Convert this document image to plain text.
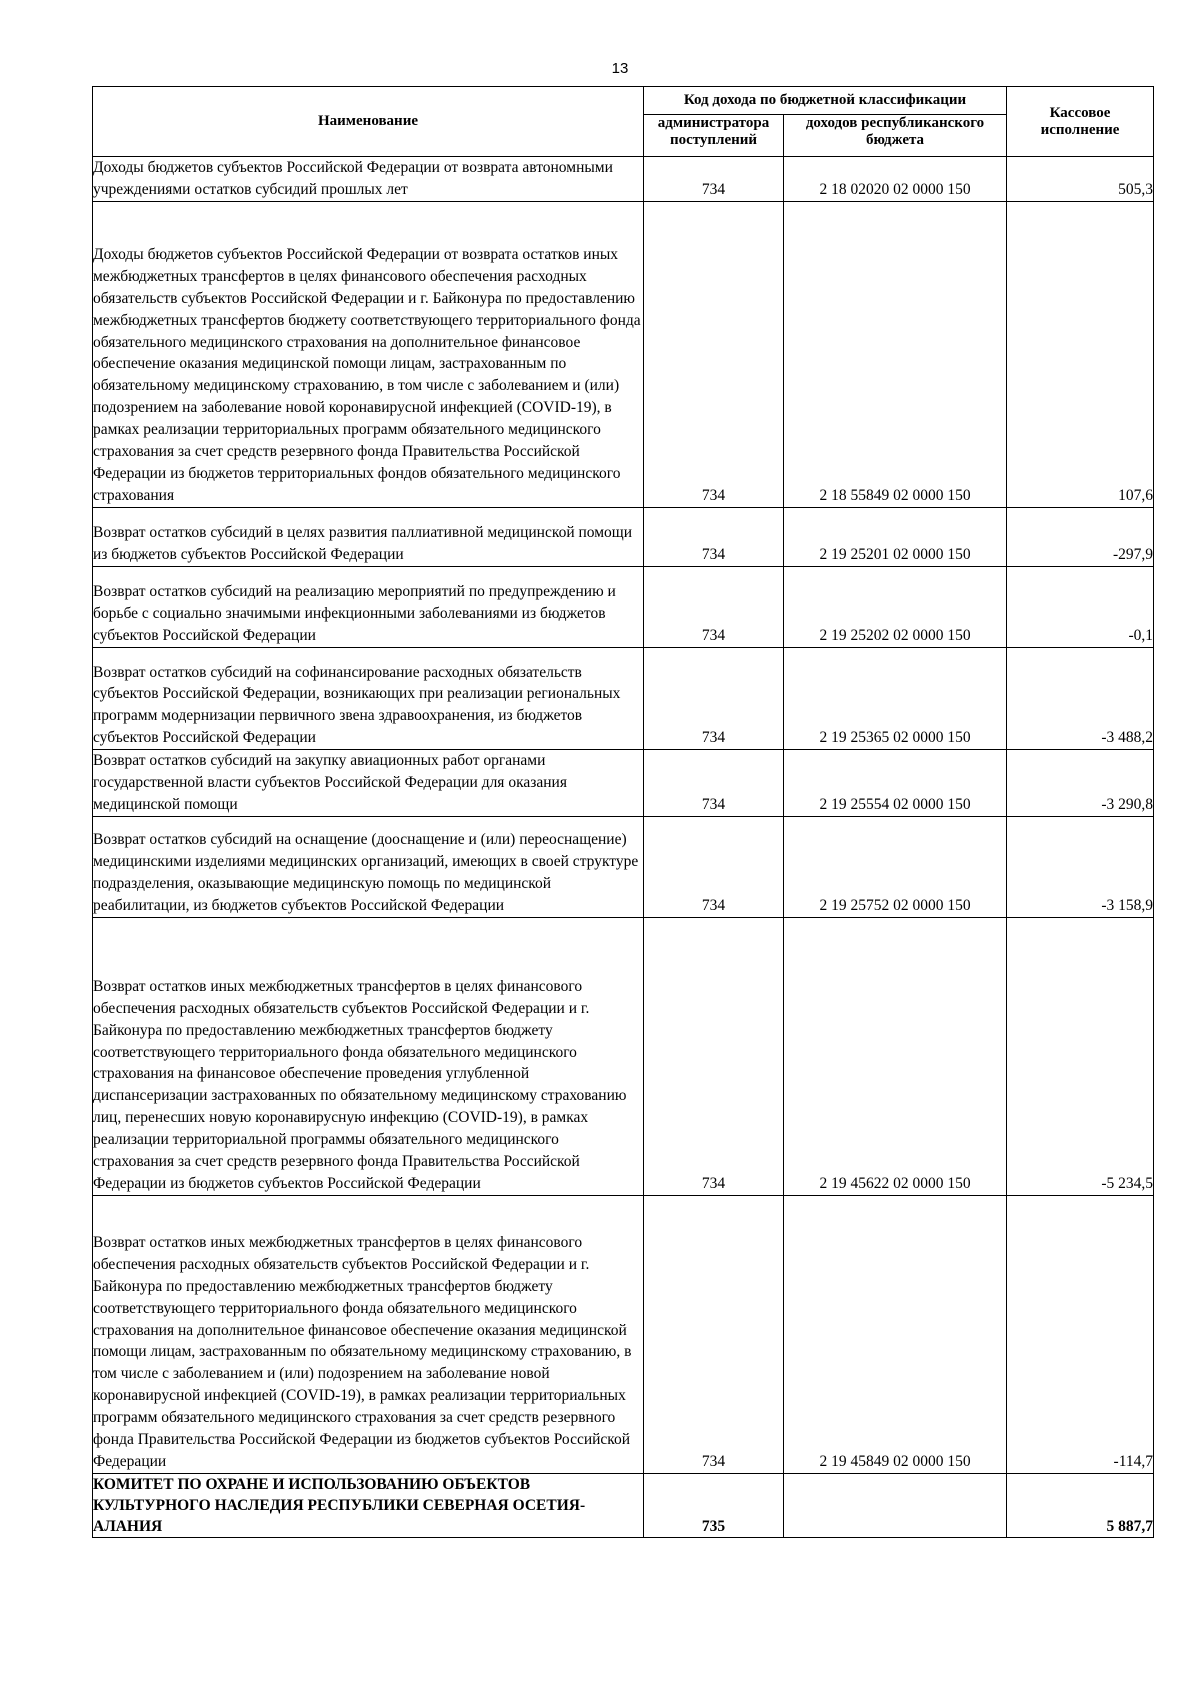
13
Наименование	Код дохода по бюджетной классификации		Кассовое исполнение
	администратора поступлений	доходов республиканского бюджета	

Доходы бюджетов субъектов Российской Федерации от возврата автономными учреждениями остатков субсидий прошлых лет	734	2 18 02020 02 0000 150	505,3

Доходы бюджетов субъектов Российской Федерации от возврата остатков иных межбюджетных трансфертов в целях финансового обеспечения расходных обязательств субъектов Российской Федерации и г. Байконура по предоставлению межбюджетных трансфертов бюджету соответствующего территориального фонда обязательного медицинского страхования на дополнительное финансовое обеспечение оказания медицинской помощи лицам, застрахованным по обязательному медицинскому страхованию, в том числе с заболеванием и (или) подозрением на заболевание новой коронавирусной инфекцией (COVID-19), в рамках реализации территориальных программ обязательного медицинского страхования за счет средств резервного фонда Правительства Российской Федерации из бюджетов территориальных фондов обязательного медицинского страхования	734	2 18 55849 02 0000 150	107,6

Возврат остатков субсидий в целях развития паллиативной медицинской помощи из бюджетов субъектов Российской Федерации	734	2 19 25201 02 0000 150	-297,9

Возврат остатков субсидий на реализацию мероприятий по предупреждению и борьбе с социально значимыми инфекционными заболеваниями из бюджетов субъектов Российской Федерации	734	2 19 25202 02 0000 150	-0,1

Возврат остатков субсидий на софинансирование расходных обязательств субъектов Российской Федерации, возникающих при реализации региональных программ модернизации первичного звена здравоохранения, из бюджетов субъектов Российской Федерации	734	2 19 25365 02 0000 150	-3 488,2

Возврат остатков субсидий на закупку авиационных работ органами государственной власти субъектов Российской Федерации для оказания медицинской помощи	734	2 19 25554 02 0000 150	-3 290,8

Возврат остатков субсидий на оснащение (дооснащение и (или) переоснащение) медицинскими изделиями медицинских организаций, имеющих в своей структуре подразделения, оказывающие медицинскую помощь по медицинской реабилитации, из бюджетов субъектов Российской Федерации	734	2 19 25752 02 0000 150	-3 158,9

Возврат остатков иных межбюджетных трансфертов в целях финансового обеспечения расходных обязательств субъектов Российской Федерации и г. Байконура по предоставлению межбюджетных трансфертов бюджету соответствующего территориального фонда обязательного медицинского страхования на финансовое обеспечение проведения углубленной диспансеризации застрахованных по обязательному медицинскому страхованию лиц, перенесших новую коронавирусную инфекцию (COVID-19), в рамках реализации территориальной программы обязательного медицинского страхования за счет средств резервного фонда Правительства Российской Федерации из бюджетов субъектов Российской Федерации	734	2 19 45622 02 0000 150	-5 234,5

Возврат остатков иных межбюджетных трансфертов в целях финансового обеспечения расходных обязательств субъектов Российской Федерации и г. Байконура по предоставлению межбюджетных трансфертов бюджету соответствующего территориального фонда обязательного медицинского страхования на дополнительное финансовое обеспечение оказания медицинской помощи лицам, застрахованным по обязательному медицинскому страхованию, в том числе с заболеванием и (или) подозрением на заболевание новой коронавирусной инфекцией (COVID-19), в рамках реализации территориальных программ обязательного медицинского страхования за счет средств резервного фонда Правительства Российской Федерации из бюджетов субъектов Российской Федерации	734	2 19 45849 02 0000 150	-114,7

КОМИТЕТ ПО ОХРАНЕ И ИСПОЛЬЗОВАНИЮ ОБЪЕКТОВ КУЛЬТУРНОГО НАСЛЕДИЯ РЕСПУБЛИКИ СЕВЕРНАЯ ОСЕТИЯ-АЛАНИЯ	735		5 887,7
